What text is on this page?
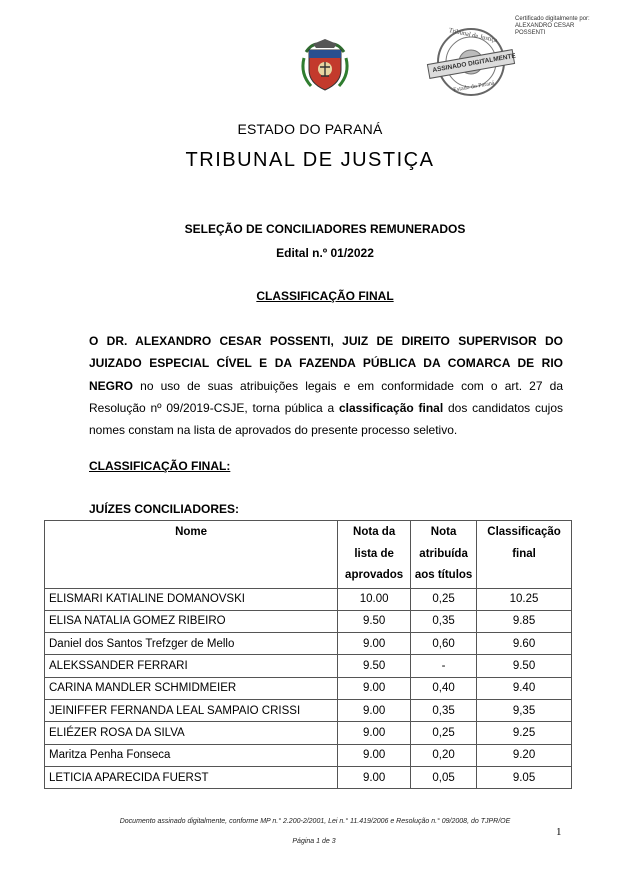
Certificado digitalmente por:
ALEXANDRO CESAR
POSSENTI
Tribunal de Justiça
ASSINADO DIGITALMENTE
Estado do Paraná
ESTADO DO PARANÁ
TRIBUNAL DE JUSTIÇA
SELEÇÃO DE CONCILIADORES REMUNERADOS
Edital n.º 01/2022
CLASSIFICAÇÃO FINAL

O DR. ALEXANDRO CESAR POSSENTI, JUIZ DE DIREITO SUPERVISOR DO JUIZADO ESPECIAL CÍVEL E DA FAZENDA PÚBLICA DA COMARCA DE RIO NEGRO no uso de suas atribuições legais e em conformidade com o art. 27 da Resolução nº 09/2019-CSJE, torna pública a classificação final dos candidatos cujos nomes constam na lista de aprovados do presente processo seletivo.

CLASSIFICAÇÃO FINAL:
JUÍZES CONCILIADORES:
Nome	Nota da lista de aprovados	Nota atribuída aos títulos	Classificação final
ELISMARI KATIALINE DOMANOVSKI	10.00	0,25	10.25
ELISA NATALIA GOMEZ RIBEIRO	9.50	0,35	9.85
Daniel dos Santos Trefzger de Mello	9.00	0,60	9.60
ALEKSSANDER FERRARI	9.50	-	9.50
CARINA MANDLER SCHMIDMEIER	9.00	0,40	9.40
JEINIFFER FERNANDA LEAL SAMPAIO CRISSI	9.00	0,35	9,35
ELIÉZER ROSA DA SILVA	9.00	0,25	9.25
Maritza Penha Fonseca	9.00	0,20	9.20
LETICIA APARECIDA FUERST	9.00	0,05	9.05
Documento assinado digitalmente, conforme MP n.° 2.200-2/2001, Lei n.° 11.419/2006 e Resolução n.° 09/2008, do TJPR/OE
1
Página 1 de 3
